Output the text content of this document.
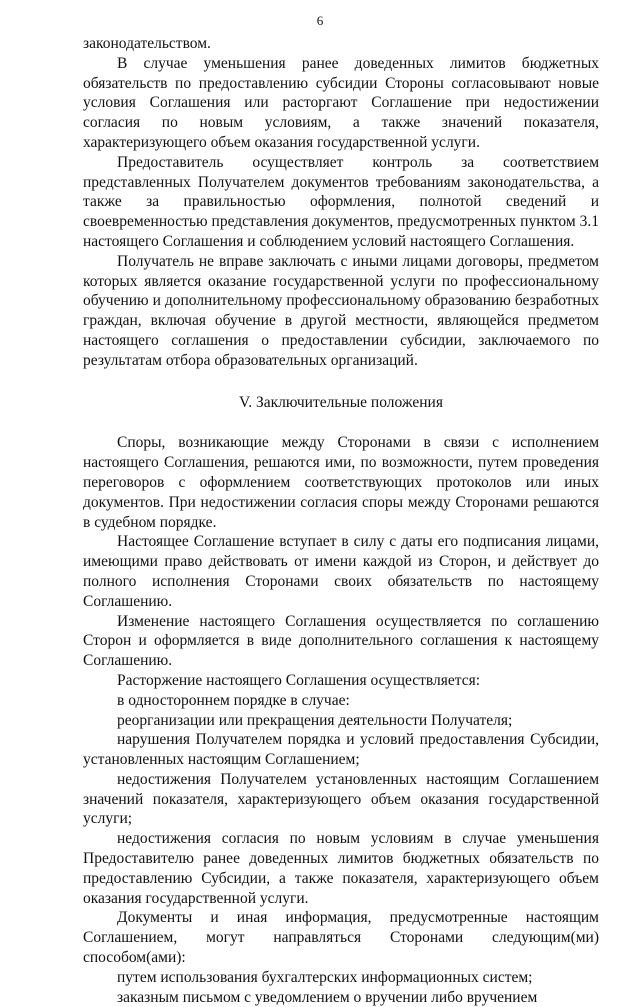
6

законодательством.

В случае уменьшения ранее доведенных лимитов бюджетных обязательств по предоставлению субсидии Стороны согласовывают новые условия Соглашения или расторгают Соглашение при недостижении согласия по новым условиям, а также значений показателя, характеризующего объем оказания государственной услуги.

Предоставитель осуществляет контроль за соответствием представленных Получателем документов требованиям законодательства, а также за правильностью оформления, полнотой сведений и своевременностью представления документов, предусмотренных пунктом 3.1 настоящего Соглашения и соблюдением условий настоящего Соглашения.

Получатель не вправе заключать с иными лицами договоры, предметом которых является оказание государственной услуги по профессиональному обучению и дополнительному профессиональному образованию безработных граждан, включая обучение в другой местности, являющейся предметом настоящего соглашения о предоставлении субсидии, заключаемого по результатам отбора образовательных организаций.

V. Заключительные положения

Споры, возникающие между Сторонами в связи с исполнением настоящего Соглашения, решаются ими, по возможности, путем проведения переговоров с оформлением соответствующих протоколов или иных документов. При недостижении согласия споры между Сторонами решаются в судебном порядке.

Настоящее Соглашение вступает в силу с даты его подписания лицами, имеющими право действовать от имени каждой из Сторон, и действует до полного исполнения Сторонами своих обязательств по настоящему Соглашению.

Изменение настоящего Соглашения осуществляется по соглашению Сторон и оформляется в виде дополнительного соглашения к настоящему Соглашению.

Расторжение настоящего Соглашения осуществляется:

в одностороннем порядке в случае:

реорганизации или прекращения деятельности Получателя;

нарушения Получателем порядка и условий предоставления Субсидии, установленных настоящим Соглашением;

недостижения Получателем установленных настоящим Соглашением значений показателя, характеризующего объем оказания государственной услуги;

недостижения согласия по новым условиям в случае уменьшения Предоставителю ранее доведенных лимитов бюджетных обязательств по предоставлению Субсидии, а также показателя, характеризующего объем оказания государственной услуги.

Документы и иная информация, предусмотренные настоящим Соглашением, могут направляться Сторонами следующим(ми) способом(ами):

путем использования бухгалтерских информационных систем;

заказным письмом с уведомлением о вручении либо вручением
